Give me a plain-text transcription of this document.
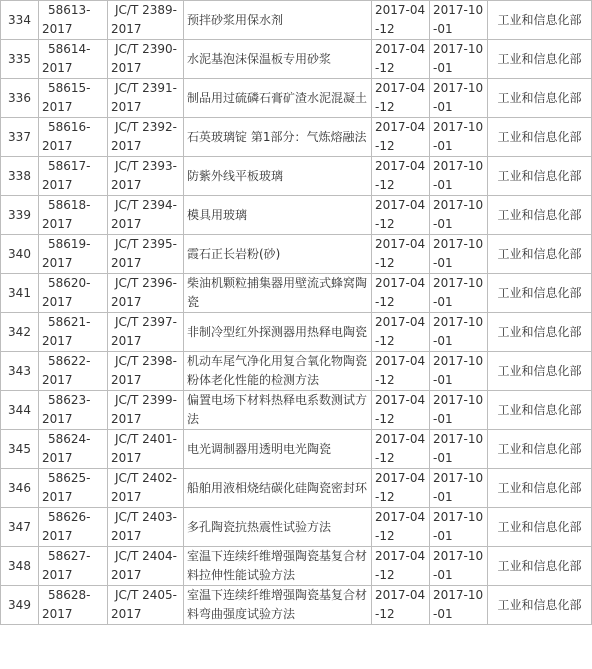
334	58613-2017	JC/T 2389-2017	预拌砂浆用保水剂	2017-04-12	2017-10-01	工业和信息化部
335	58614-2017	JC/T 2390-2017	水泥基泡沫保温板专用砂浆	2017-04-12	2017-10-01	工业和信息化部
336	58615-2017	JC/T 2391-2017	制品用过硫磷石膏矿渣水泥混凝土	2017-04-12	2017-10-01	工业和信息化部
337	58616-2017	JC/T 2392-2017	石英玻璃锭 第1部分：气炼熔融法	2017-04-12	2017-10-01	工业和信息化部
338	58617-2017	JC/T 2393-2017	防紫外线平板玻璃	2017-04-12	2017-10-01	工业和信息化部
339	58618-2017	JC/T 2394-2017	模具用玻璃	2017-04-12	2017-10-01	工业和信息化部
340	58619-2017	JC/T 2395-2017	霞石正长岩粉(砂)	2017-04-12	2017-10-01	工业和信息化部
341	58620-2017	JC/T 2396-2017	柴油机颗粒捕集器用壁流式蜂窝陶瓷	2017-04-12	2017-10-01	工业和信息化部
342	58621-2017	JC/T 2397-2017	非制冷型红外探测器用热释电陶瓷	2017-04-12	2017-10-01	工业和信息化部
343	58622-2017	JC/T 2398-2017	机动车尾气净化用复合氧化物陶瓷粉体老化性能的检测方法	2017-04-12	2017-10-01	工业和信息化部
344	58623-2017	JC/T 2399-2017	偏置电场下材料热释电系数测试方法	2017-04-12	2017-10-01	工业和信息化部
345	58624-2017	JC/T 2401-2017	电光调制器用透明电光陶瓷	2017-04-12	2017-10-01	工业和信息化部
346	58625-2017	JC/T 2402-2017	船舶用液相烧结碳化硅陶瓷密封环	2017-04-12	2017-10-01	工业和信息化部
347	58626-2017	JC/T 2403-2017	多孔陶瓷抗热震性试验方法	2017-04-12	2017-10-01	工业和信息化部
348	58627-2017	JC/T 2404-2017	室温下连续纤维增强陶瓷基复合材料拉伸性能试验方法	2017-04-12	2017-10-01	工业和信息化部
349	58628-2017	JC/T 2405-2017	室温下连续纤维增强陶瓷基复合材料弯曲强度试验方法	2017-04-12	2017-10-01	工业和信息化部
